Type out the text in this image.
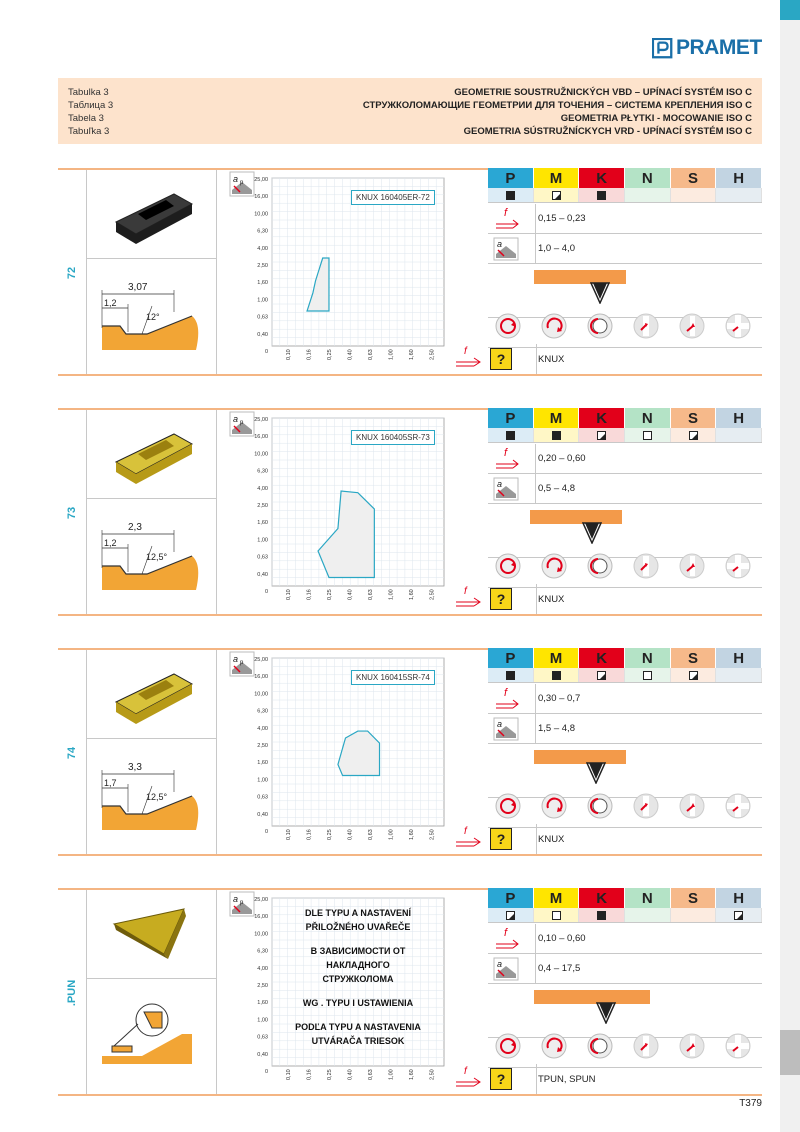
PRAMET
Tabulka 3
Таблица 3
Tabela 3
Tabuľka 3
GEOMETRIE SOUSTRUŽNICKÝCH VBD – UPÍNACÍ SYSTÉM ISO C
СТРУЖКОЛОМАЮЩИЕ ГЕОМЕТРИИ ДЛЯ ТОЧЕНИЯ – СИСТЕМА КРЕПЛЕНИЯ ISO C
GEOMETRIA PŁYTKI - MOCOWANIE ISO C
GEOMETRIA SÚSTRUŽNÍCKYCH VRD - UPÍNACÍ SYSTÉM ISO C
72
3,07
1,2
12°
a p 25,00
16,00
10,00
6,30
4,00
2,50
1,60
1,00
0,63
0,40
0	0,10	0,16	0,25	0,40	0,63	1,00	1,60	2,50	f
KNUX 160405ER-72
P	M	K	N	S	H
f	0,15 – 0,23
a	1,0 – 4,0
?	KNUX
73
2,3
1,2
12,5°
a p 25,00
16,00
10,00
6,30
4,00
2,50
1,60
1,00
0,63
0,40
0	0,10	0,16	0,25	0,40	0,63	1,00	1,60	2,50	f
KNUX 160405SR-73
P	M	K	N	S	H
f	0,20 – 0,60
a	0,5 – 4,8
?	KNUX
74
3,3
1,7
12,5°
a p 25,00
16,00
10,00
6,30
4,00
2,50
1,60
1,00
0,63
0,40
0	0,10	0,16	0,25	0,40	0,63	1,00	1,60	2,50	f
KNUX 160415SR-74
P	M	K	N	S	H
f	0,30 – 0,7
a	1,5 – 4,8
?	KNUX
.PUN
a p 25,00
16,00
10,00
6,30
4,00
2,50
1,60
1,00
0,63
0,40
0	0,10	0,16	0,25	0,40	0,63	1,00	1,60	2,50	f
DLE TYPU A NASTAVENÍ
PŘILOŽNÉHO UVAŘEČE
В ЗАВИСИМОСТИ ОТ
НАКЛАДНОГО
СТРУЖКОЛОМА
WG . TYPU I USTAWIENIA
PODĽA TYPU A NASTAVENIA
UTVÁRAČA TRIESOK
P	M	K	N	S	H
f	0,10 – 0,60
a	0,4 – 17,5
?	TPUN, SPUN
T379
